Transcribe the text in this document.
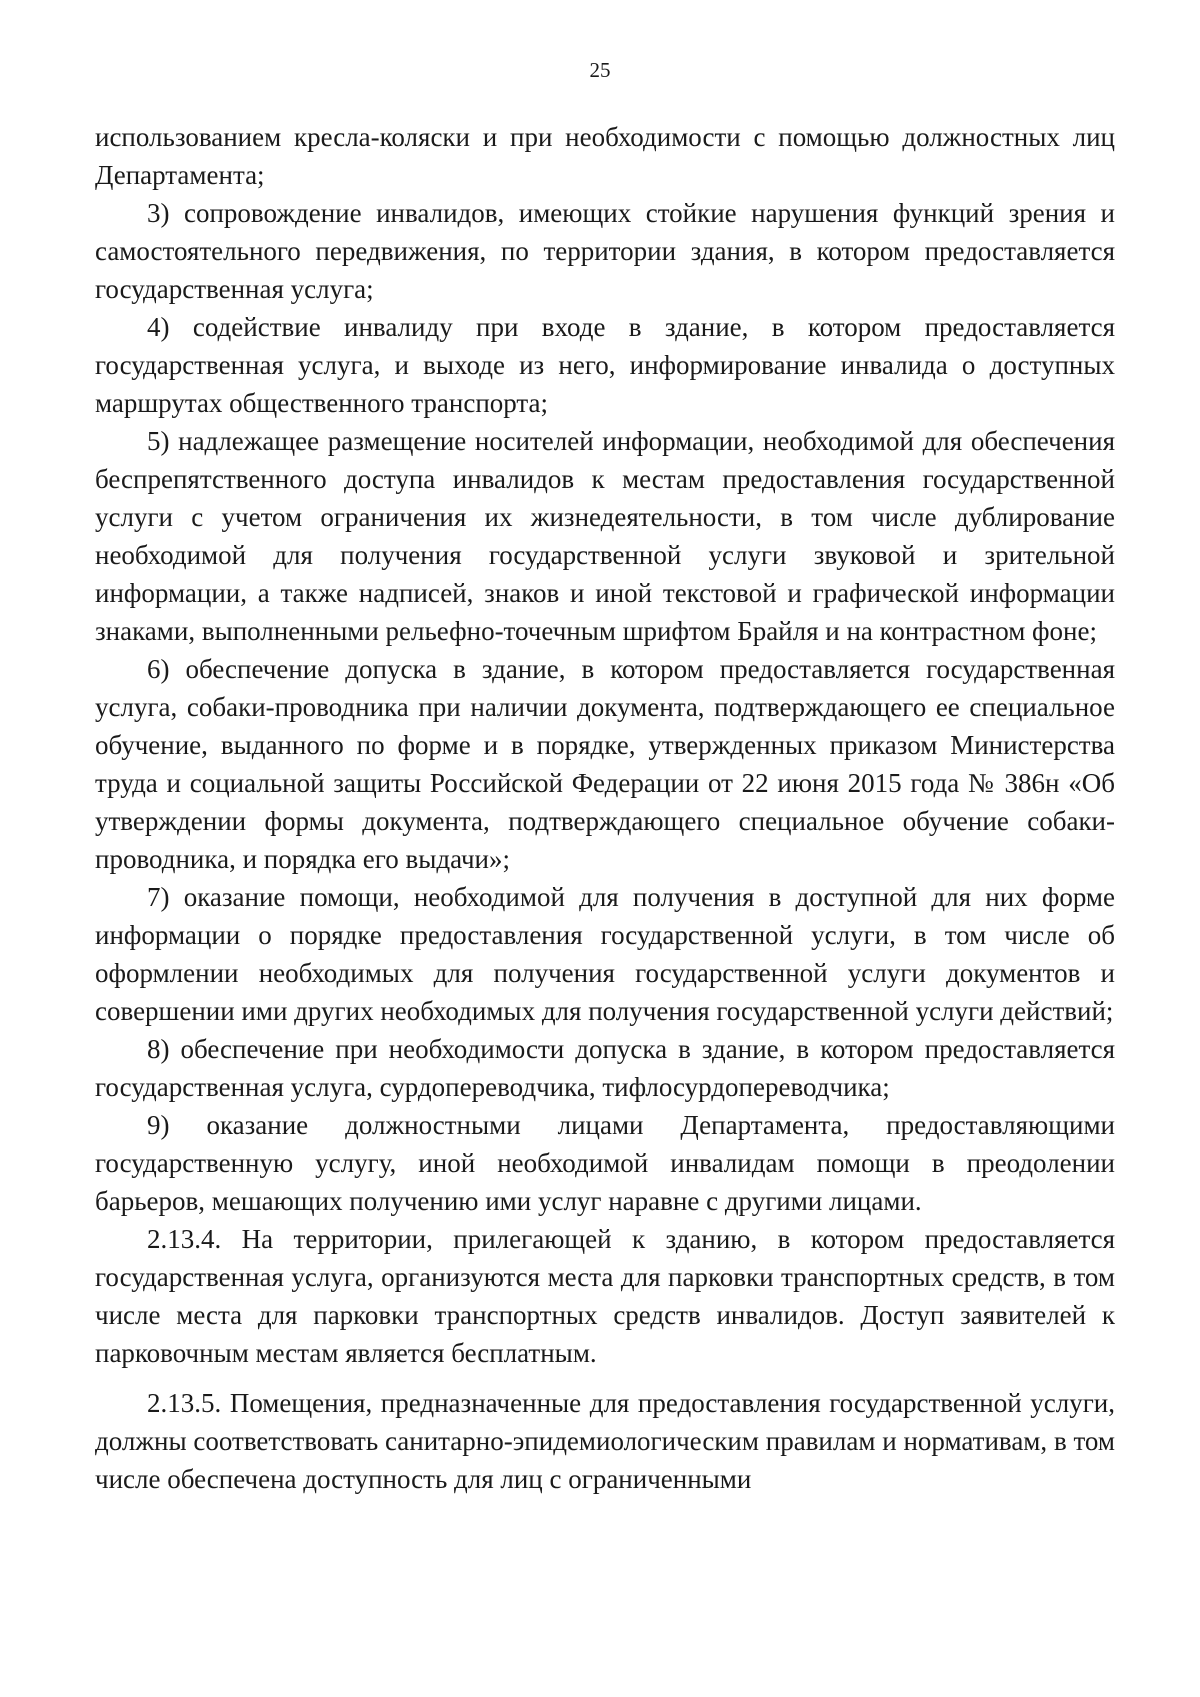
25

использованием кресла-коляски и при необходимости с помощью должностных лиц Департамента;

3) сопровождение инвалидов, имеющих стойкие нарушения функций зрения и самостоятельного передвижения, по территории здания, в котором предоставляется государственная услуга;

4) содействие инвалиду при входе в здание, в котором предоставляется государственная услуга, и выходе из него, информирование инвалида о доступных маршрутах общественного транспорта;

5) надлежащее размещение носителей информации, необходимой для обеспечения беспрепятственного доступа инвалидов к местам предоставления государственной услуги с учетом ограничения их жизнедеятельности, в том числе дублирование необходимой для получения государственной услуги звуковой и зрительной информации, а также надписей, знаков и иной текстовой и графической информации знаками, выполненными рельефно-точечным шрифтом Брайля и на контрастном фоне;

6) обеспечение допуска в здание, в котором предоставляется государственная услуга, собаки-проводника при наличии документа, подтверждающего ее специальное обучение, выданного по форме и в порядке, утвержденных приказом Министерства труда и социальной защиты Российской Федерации от 22 июня 2015 года № 386н «Об утверждении формы документа, подтверждающего специальное обучение собаки-проводника, и порядка его выдачи»;

7) оказание помощи, необходимой для получения в доступной для них форме информации о порядке предоставления государственной услуги, в том числе об оформлении необходимых для получения государственной услуги документов и совершении ими других необходимых для получения государственной услуги действий;

8) обеспечение при необходимости допуска в здание, в котором предоставляется государственная услуга, сурдопереводчика, тифлосурдопереводчика;

9) оказание должностными лицами Департамента, предоставляющими государственную услугу, иной необходимой инвалидам помощи в преодолении барьеров, мешающих получению ими услуг наравне с другими лицами.

2.13.4. На территории, прилегающей к зданию, в котором предоставляется государственная услуга, организуются места для парковки транспортных средств, в том числе места для парковки транспортных средств инвалидов. Доступ заявителей к парковочным местам является бесплатным.

2.13.5. Помещения, предназначенные для предоставления государственной услуги, должны соответствовать санитарно-эпидемиологическим правилам и нормативам, в том числе обеспечена доступность для лиц с ограниченными
